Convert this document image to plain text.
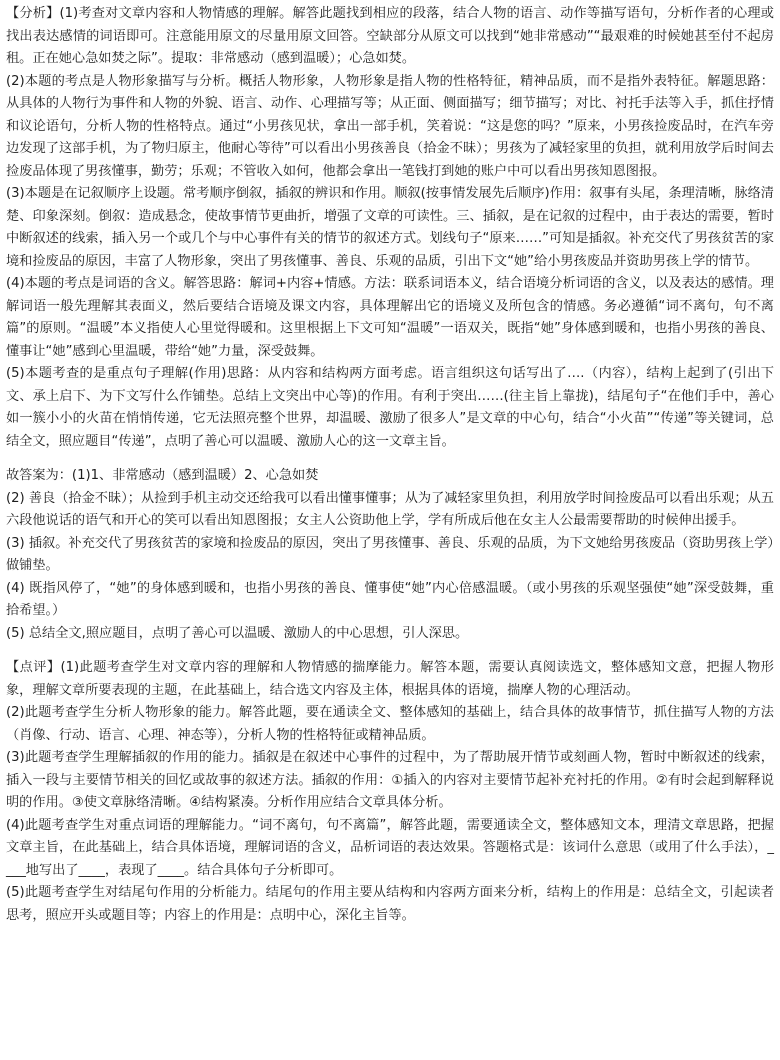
【分析】(1)考查对文章内容和人物情感的理解。解答此题找到相应的段落，结合人物的语言、动作等描写语句，分析作者的心理或找出表达感情的词语即可。注意能用原文的尽量用原文回答。空缺部分从原文可以找到“她非常感动”“最艰难的时候她甚至付不起房租。正在她心急如焚之际”。提取：非常感动（感到温暖）；心急如焚。

(2)本题的考点是人物形象描写与分析。概括人物形象，人物形象是指人物的性格特征，精神品质，而不是指外表特征。解题思路：从具体的人物行为事件和人物的外貌、语言、动作、心理描写等；从正面、侧面描写；细节描写；对比、衬托手法等入手，抓住抒情和议论语句，分析人物的性格特点。通过“小男孩见状，拿出一部手机，笑着说：“这是您的吗？”原来，小男孩捡废品时，在汽车旁边发现了这部手机，为了物归原主，他耐心等待”可以看出小男孩善良（拾金不昧）；男孩为了减轻家里的负担，就利用放学后时间去捡废品体现了男孩懂事，勤劳；乐观；不管收入如何，他都会拿出一笔钱打到她的账户中可以看出男孩知恩图报。

(3)本题是在记叙顺序上设题。常考顺序倒叙，插叙的辨识和作用。顺叙(按事情发展先后顺序)作用：叙事有头尾，条理清晰，脉络清楚、印象深刻。倒叙：造成悬念，使故事情节更曲折，增强了文章的可读性。三、插叙，是在记叙的过程中，由于表达的需要，暂时中断叙述的线索，插入另一个或几个与中心事件有关的情节的叙述方式。划线句子“原来……”可知是插叙。补充交代了男孩贫苦的家境和捡废品的原因，丰富了人物形象，突出了男孩懂事、善良、乐观的品质，引出下文“她”给小男孩废品并资助男孩上学的情节。

(4)本题的考点是词语的含义。解答思路：解词+内容+情感。方法：联系词语本义，结合语境分析词语的含义，以及表达的感情。理解词语一般先理解其表面义，然后要结合语境及课文内容，具体理解出它的语境义及所包含的情感。务必遵循“词不离句，句不离篇”的原则。“温暖”本义指使人心里觉得暖和。这里根据上下文可知“温暖”一语双关，既指“她”身体感到暖和，也指小男孩的善良、懂事让“她”感到心里温暖，带给“她”力量，深受鼓舞。

(5)本题考查的是重点句子理解(作用)思路：从内容和结构两方面考虑。语言组织这句话写出了….（内容），结构上起到了(引出下文、承上启下、为下文写什么作铺垫。总结上文突出中心等)的作用。有利于突出……(往主旨上靠拢)，结尾句子“在他们手中，善心如一簇小小的火苗在悄悄传递，它无法照亮整个世界，却温暖、激励了很多人”是文章的中心句，结合“小火苗”“传递”等关键词，总结全文，照应题目“传递”，点明了善心可以温暖、激励人心的这一文章主旨。

故答案为：(1)1、非常感动（感到温暖）2、心急如焚

(2) 善良（拾金不昧）；从捡到手机主动交还给我可以看出懂事懂事；从为了减轻家里负担，利用放学时间捡废品可以看出乐观；从五六段他说话的语气和开心的笑可以看出知恩图报；女主人公资助他上学，学有所成后他在女主人公最需要帮助的时候伸出援手。

(3) 插叙。补充交代了男孩贫苦的家境和捡废品的原因，突出了男孩懂事、善良、乐观的品质，为下文她给男孩废品（资助男孩上学）做铺垫。

(4) 既指风停了，“她”的身体感到暖和，也指小男孩的善良、懂事使“她”内心倍感温暖。（或小男孩的乐观坚强使“她”深受鼓舞，重拾希望。）

(5) 总结全文,照应题目，点明了善心可以温暖、激励人的中心思想，引人深思。

【点评】(1)此题考查学生对文章内容的理解和人物情感的揣摩能力。解答本题，需要认真阅读选文，整体感知文意，把握人物形象，理解文章所要表现的主题，在此基础上，结合选文内容及主体，根据具体的语境，揣摩人物的心理活动。

(2)此题考查学生分析人物形象的能力。解答此题，要在通读全文、整体感知的基础上，结合具体的故事情节，抓住描写人物的方法（肖像、行动、语言、心理、神态等），分析人物的性格特征或精神品质。

(3)此题考查学生理解插叙的作用的能力。插叙是在叙述中心事件的过程中，为了帮助展开情节或刻画人物，暂时中断叙述的线索，插入一段与主要情节相关的回忆或故事的叙述方法。插叙的作用：①插入的内容对主要情节起补充衬托的作用。②有时会起到解释说明的作用。③使文章脉络清晰。④结构紧凑。分析作用应结合文章具体分析。

(4)此题考查学生对重点词语的理解能力。“词不离句，句不离篇”，解答此题，需要通读全文，整体感知文本，理清文章思路，把握文章主旨，在此基础上，结合具体语境，理解词语的含义，品析词语的表达效果。答题格式是：该词什么意思（或用了什么手法），____地写出了____，表现了____。结合具体句子分析即可。

(5)此题考查学生对结尾句作用的分析能力。结尾句的作用主要从结构和内容两方面来分析，结构上的作用是：总结全文，引起读者思考，照应开头或题目等；内容上的作用是：点明中心，深化主旨等。
